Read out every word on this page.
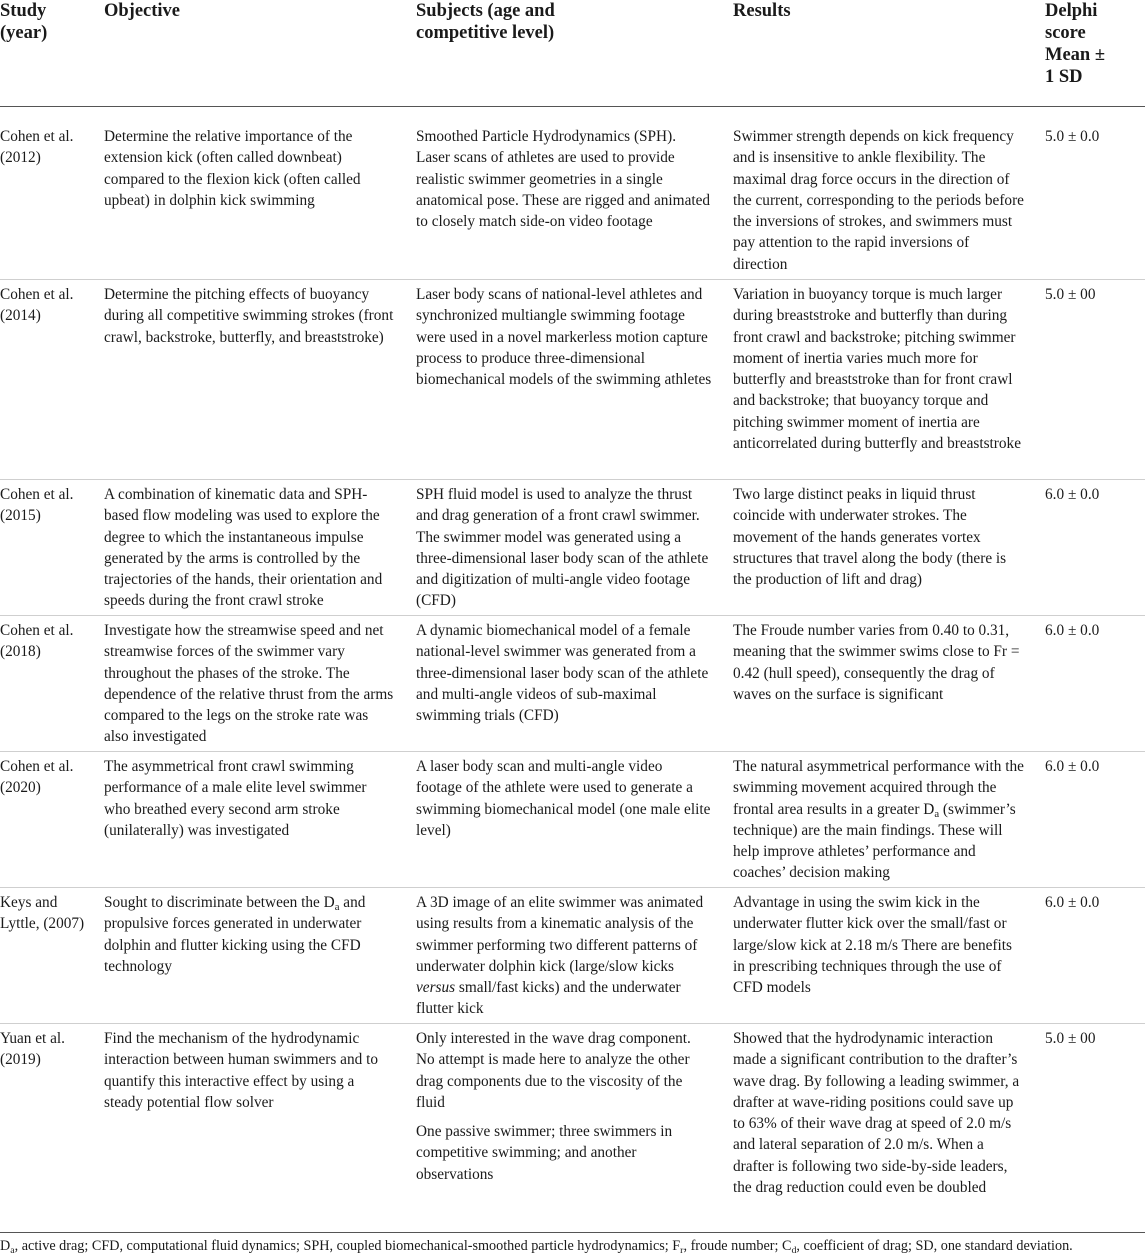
Study (year)
Objective	Subjects (age and competitive level)
Results	Delphi score Mean ± 1 SD
Cohen et al. (2012)
Determine the relative importance of the extension kick (often called downbeat) compared to the flexion kick (often called upbeat) in dolphin kick swimming
Smoothed Particle Hydrodynamics (SPH). Laser scans of athletes are used to provide realistic swimmer geometries in a single anatomical pose. These are rigged and animated to closely match side-on video footage
Swimmer strength depends on kick frequency and is insensitive to ankle flexibility. The maximal drag force occurs in the direction of the current, corresponding to the periods before the inversions of strokes, and swimmers must pay attention to the rapid inversions of direction
5.0 ± 0.0
Cohen et al. (2014)
Determine the pitching effects of buoyancy during all competitive swimming strokes (front crawl, backstroke, butterfly, and breaststroke)
Laser body scans of national-level athletes and synchronized multiangle swimming footage were used in a novel markerless motion capture process to produce three-dimensional biomechanical models of the swimming athletes
Variation in buoyancy torque is much larger during breaststroke and butterfly than during front crawl and backstroke; pitching swimmer moment of inertia varies much more for butterfly and breaststroke than for front crawl and backstroke; that buoyancy torque and pitching swimmer moment of inertia are anticorrelated during butterfly and breaststroke
5.0 ± 00
Cohen et al. (2015)
A combination of kinematic data and SPH-based flow modeling was used to explore the degree to which the instantaneous impulse generated by the arms is controlled by the trajectories of the hands, their orientation and speeds during the front crawl stroke
SPH fluid model is used to analyze the thrust and drag generation of a front crawl swimmer. The swimmer model was generated using a three-dimensional laser body scan of the athlete and digitization of multi-angle video footage (CFD)
Two large distinct peaks in liquid thrust coincide with underwater strokes. The movement of the hands generates vortex structures that travel along the body (there is the production of lift and drag)
6.0 ± 0.0
Cohen et al. (2018)
Investigate how the streamwise speed and net streamwise forces of the swimmer vary throughout the phases of the stroke. The dependence of the relative thrust from the arms compared to the legs on the stroke rate was also investigated
A dynamic biomechanical model of a female national-level swimmer was generated from a three-dimensional laser body scan of the athlete and multi-angle videos of sub-maximal swimming trials (CFD)
The Froude number varies from 0.40 to 0.31, meaning that the swimmer swims close to Fr = 0.42 (hull speed), consequently the drag of waves on the surface is significant
6.0 ± 0.0
Cohen et al. (2020)
The asymmetrical front crawl swimming performance of a male elite level swimmer who breathed every second arm stroke (unilaterally) was investigated
A laser body scan and multi-angle video footage of the athlete were used to generate a swimming biomechanical model (one male elite level)
The natural asymmetrical performance with the swimming movement acquired through the frontal area results in a greater $D_a$ (swimmer’s technique) are the main findings. These will help improve athletes’ performance and coaches’ decision making
6.0 ± 0.0
Keys and Lyttle, (2007)
Sought to discriminate between the $D_a$ and propulsive forces generated in underwater dolphin and flutter kicking using the CFD technology
A 3D image of an elite swimmer was animated using results from a kinematic analysis of the swimmer performing two different patterns of underwater dolphin kick (large/slow kicks versus small/fast kicks) and the underwater flutter kick
Advantage in using the swim kick in the underwater flutter kick over the small/fast or large/slow kick at 2.18 m/s There are benefits in prescribing techniques through the use of CFD models
6.0 ± 0.0
Yuan et al. (2019)
Find the mechanism of the hydrodynamic interaction between human swimmers and to quantify this interactive effect by using a steady potential flow solver
Only interested in the wave drag component. No attempt is made here to analyze the other drag components due to the viscosity of the fluid
One passive swimmer; three swimmers in competitive swimming; and another observations
Showed that the hydrodynamic interaction made a significant contribution to the drafter’s wave drag. By following a leading swimmer, a drafter at wave-riding positions could save up to 63% of their wave drag at speed of 2.0 m/s and lateral separation of 2.0 m/s. When a drafter is following two side-by-side leaders, the drag reduction could even be doubled
5.0 ± 00
$D_a$, active drag; CFD, computational fluid dynamics; SPH, coupled biomechanical-smoothed particle hydrodynamics; $F_r$, froude number; $C_d$, coefficient of drag; SD, one standard deviation.
